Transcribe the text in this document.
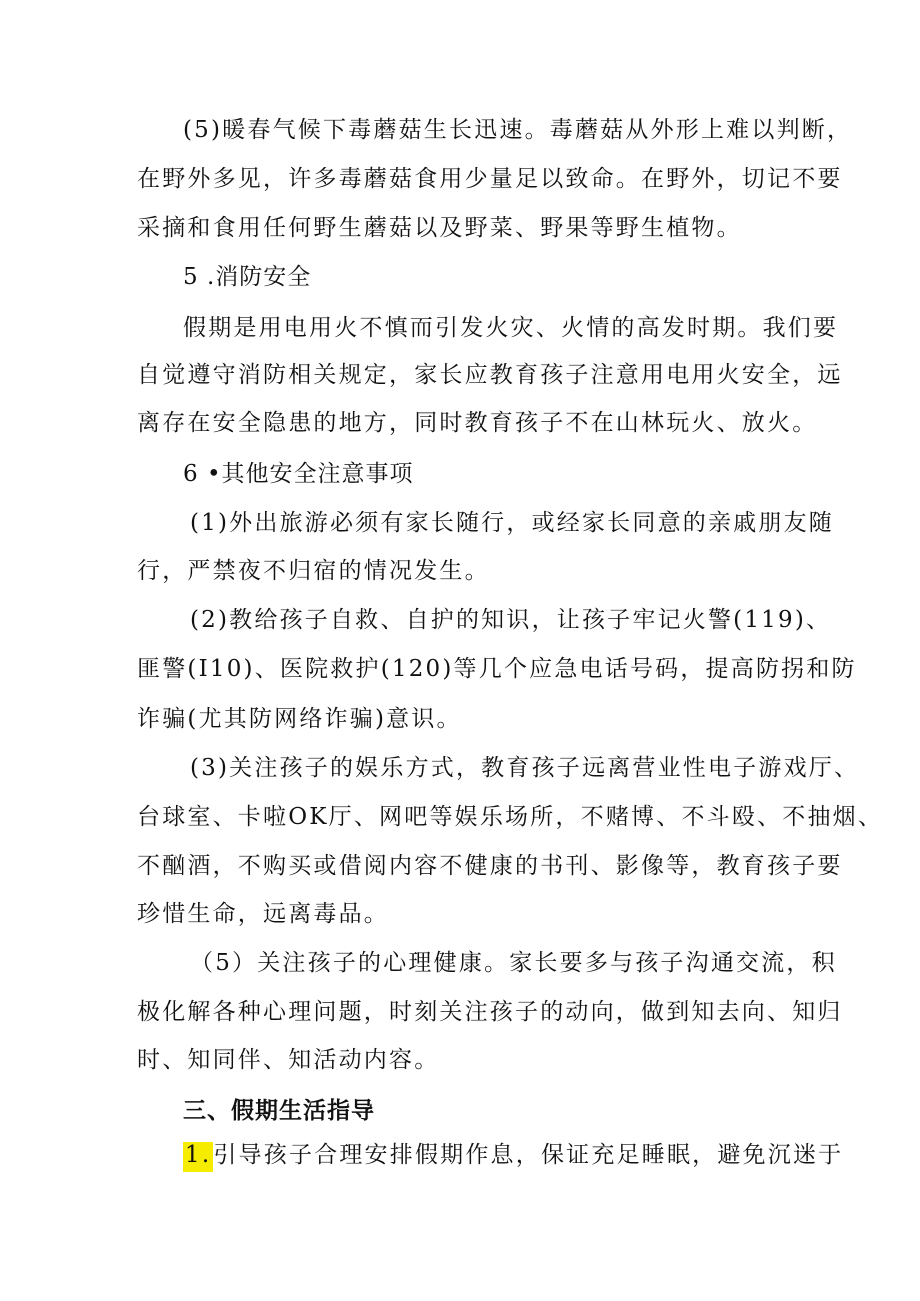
(5)暖春气候下毒蘑菇生长迅速。毒蘑菇从外形上难以判断，
在野外多见，许多毒蘑菇食用少量足以致命。在野外，切记不要
采摘和食用任何野生蘑菇以及野菜、野果等野生植物。
5 .消防安全
假期是用电用火不慎而引发火灾、火情的高发时期。我们要
自觉遵守消防相关规定，家长应教育孩子注意用电用火安全，远
离存在安全隐患的地方，同时教育孩子不在山林玩火、放火。
6 •其他安全注意事项
(1)外出旅游必须有家长随行，或经家长同意的亲戚朋友随
行，严禁夜不归宿的情况发生。
(2)教给孩子自救、自护的知识，让孩子牢记火警(119)、
匪警(I10)、医院救护(120)等几个应急电话号码，提高防拐和防
诈骗(尤其防网络诈骗)意识。
(3)关注孩子的娱乐方式，教育孩子远离营业性电子游戏厅、
台球室、卡啦OK厅、网吧等娱乐场所，不赌博、不斗殴、不抽烟、
不酗酒，不购买或借阅内容不健康的书刊、影像等，教育孩子要
珍惜生命，远离毒品。
（5）关注孩子的心理健康。家长要多与孩子沟通交流，积
极化解各种心理问题，时刻关注孩子的动向，做到知去向、知归
时、知同伴、知活动内容。
三、假期生活指导
1.引导孩子合理安排假期作息，保证充足睡眠，避免沉迷于
